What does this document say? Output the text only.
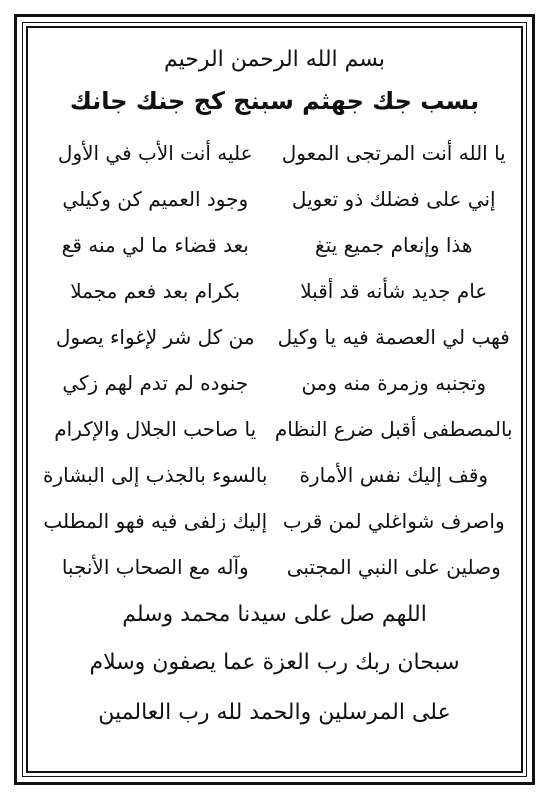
بسم الله الرحمن الرحيم
بسب جك جهثم سبنج كج جنك جانك
يا الله أنت المرتجى المعول
عليه أنت الأب في الأول
إني على فضلك ذو تعويل
وجود العميم كن وكيلي
هذا وإنعام جميع يتغ
بعد قضاء ما لي منه قع
عام جديد شأنه قد أقبلا
بكرام بعد فعم مجملا
فهب لي العصمة فيه يا وكيل
من كل شر لإغواء يصول
وتجنبه وزمرة منه ومن
جنوده لم تدم لهم زكي
بالمصطفى أقبل ضرع النظام
يا صاحب الجلال والإكرام
وقف إليك نفس الأمارة
بالسوء بالجذب إلى البشارة
واصرف شواغلي لمن قرب
إليك زلفى فيه فهو المطلب
وصلين على النبي المجتبى
وآله مع الصحاب الأنجبا
اللهم صل على سيدنا محمد وسلم
سبحان ربك رب العزة عما يصفون وسلام
على المرسلين والحمد لله رب العالمين
